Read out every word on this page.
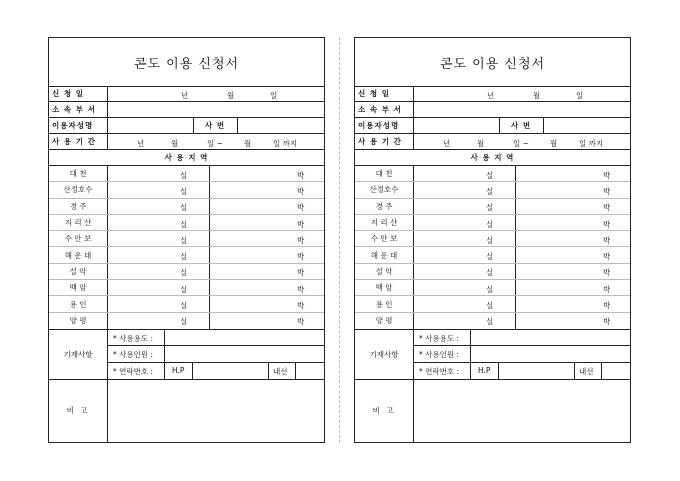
콘도 이용 신청서
신 청 일	년	월	일
소 속 부 서
이용자성명	사 번
사 용 기 간	년	월	일 ~	월	일 까지
사 용 지 역
대 천	실	박
산정호수	실	박
경 주	실	박
지 리 산	실	박
수 안 보	실	박
해 운 대	실	박
설 악	실	박
백 암	실	박
용 인	실	박
양 평	실	박
기재사항
* 사용용도 :
* 사용인원 :
* 연락번호 :	H.P	내선
비 고
콘도 이용 신청서
신 청 일	년	월	일
소 속 부 서
이용자성명	사 번
사 용 기 간	년	월	일 ~	월	일 까지
사 용 지 역
대 천	실	박
산정호수	실	박
경 주	실	박
지 리 산	실	박
수 안 보	실	박
해 운 대	실	박
설 악	실	박
백 암	실	박
용 인	실	박
양 평	실	박
기재사항
* 사용용도 :
* 사용인원 :
* 연락번호 :	H.P	내선
비 고
